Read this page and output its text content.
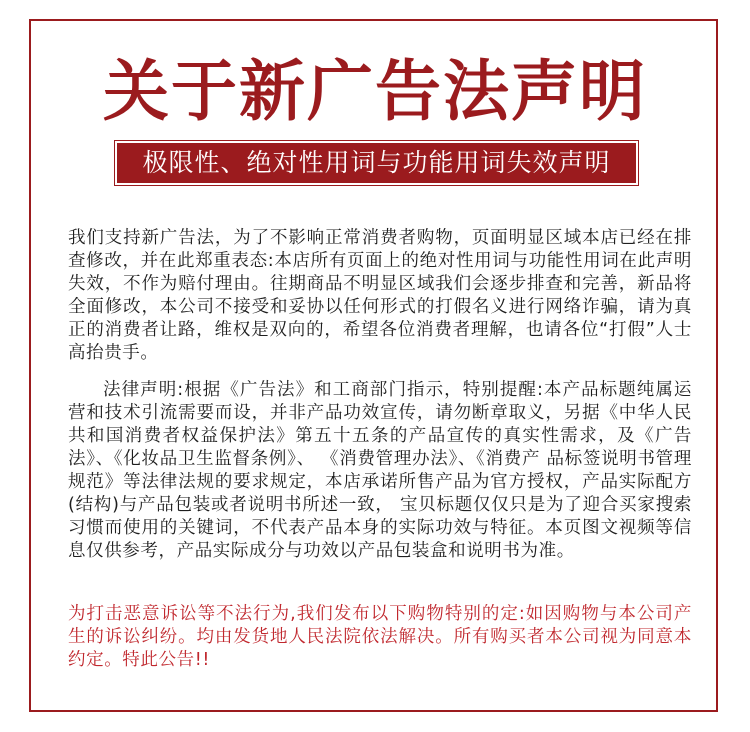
关于新广告法声明
极限性、绝对性用词与功能用词失效声明

我们支持新广告法，为了不影响正常消费者购物，页面明显区域本店已经在排查修改，并在此郑重表态:本店所有页面上的绝对性用词与功能性用词在此声明失效，不作为赔付理由。往期商品不明显区域我们会逐步排查和完善，新品将全面修改，本公司不接受和妥协以任何形式的打假名义进行网络诈骗，请为真正的消费者让路，维权是双向的，希望各位消费者理解，也请各位“打假”人士高抬贵手。

法律声明:根据《广告法》和工商部门指示，特别提醒:本产品标题纯属运营和技术引流需要而设，并非产品功效宣传，请勿断章取义，另据《中华人民共和国消费者权益保护法》第五十五条的产品宣传的真实性需求，及《广告法》、《化妆品卫生监督条例》、 《消费管理办法》、《消费产 品标签说明书管理规范》等法律法规的要求规定，本店承诺所售产品为官方授权，产品实际配方(结构)与产品包装或者说明书所述一致， 宝贝标题仅仅只是为了迎合买家搜索习惯而使用的关键词，不代表产品本身的实际功效与特征。本页图文视频等信息仅供参考，产品实际成分与功效以产品包装盒和说明书为准。

为打击恶意诉讼等不法行为,我们发布以下购物特别的定:如因购物与本公司产生的诉讼纠纷。均由发货地人民法院依法解决。所有购买者本公司视为同意本约定。特此公告!!
